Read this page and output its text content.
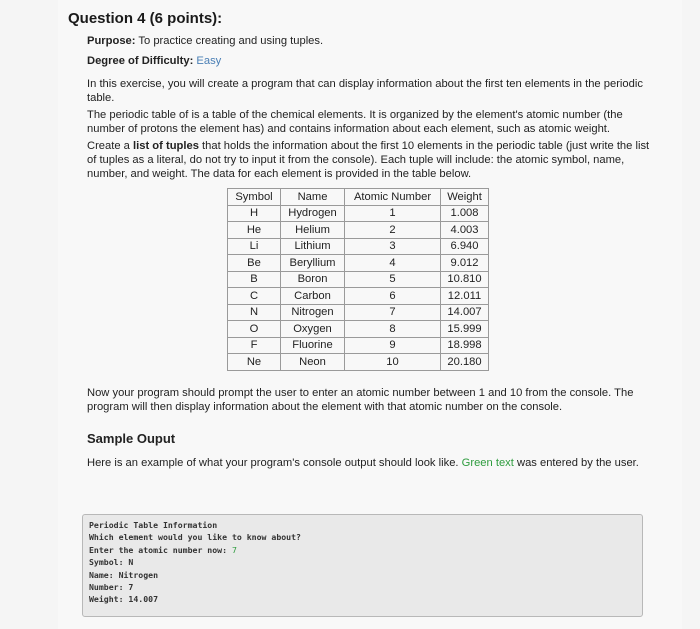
Question 4 (6 points):

Purpose: To practice creating and using tuples.

Degree of Difficulty: Easy

In this exercise, you will create a program that can display information about the first ten elements in the periodic table.

The periodic table of is a table of the chemical elements. It is organized by the element's atomic number (the number of protons the element has) and contains information about each element, such as atomic weight.

Create a list of tuples that holds the information about the first 10 elements in the periodic table (just write the list of tuples as a literal, do not try to input it from the console). Each tuple will include: the atomic symbol, name, number, and weight. The data for each element is provided in the table below.

Symbol	Name	Atomic Number	Weight
H	Hydrogen	1	1.008
He	Helium	2	4.003
Li	Lithium	3	6.940
Be	Beryllium	4	9.012
B	Boron	5	10.810
C	Carbon	6	12.011
N	Nitrogen	7	14.007
O	Oxygen	8	15.999
F	Fluorine	9	18.998
Ne	Neon	10	20.180

Now your program should prompt the user to enter an atomic number between 1 and 10 from the console. The program will then display information about the element with that atomic number on the console.

Sample Ouput

Here is an example of what your program's console output should look like. Green text was entered by the user.

Periodic Table Information
Which element would you like to know about?
Enter the atomic number now: 7
Symbol: N
Name: Nitrogen
Number: 7
Weight: 14.007
